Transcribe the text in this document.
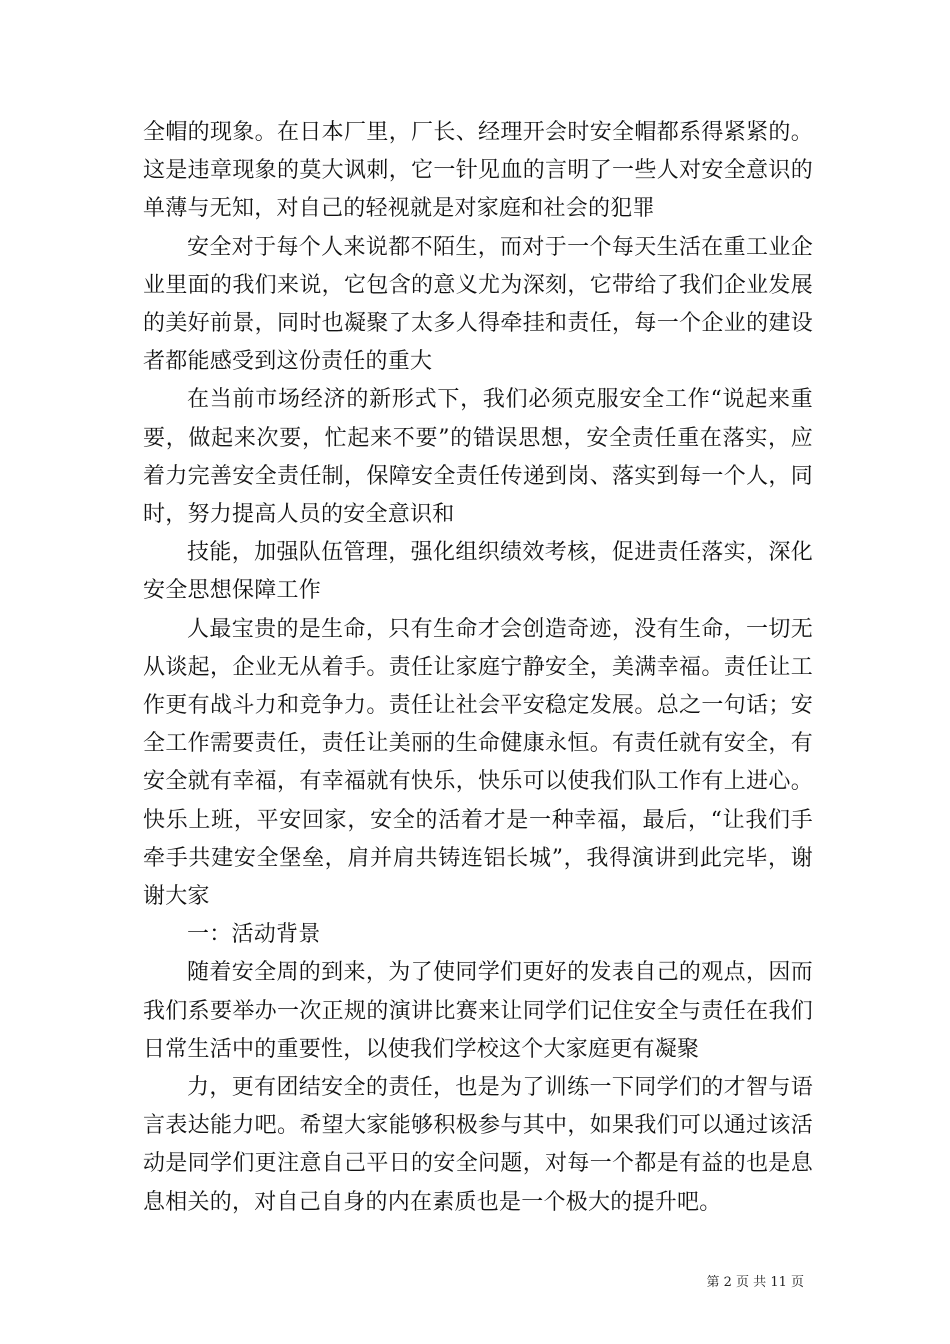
全帽的现象。在日本厂里，厂长、经理开会时安全帽都系得紧紧的。这是违章现象的莫大讽刺，它一针见血的言明了一些人对安全意识的单薄与无知，对自己的轻视就是对家庭和社会的犯罪

安全对于每个人来说都不陌生，而对于一个每天生活在重工业企业里面的我们来说，它包含的意义尤为深刻，它带给了我们企业发展的美好前景，同时也凝聚了太多人得牵挂和责任，每一个企业的建设者都能感受到这份责任的重大

在当前市场经济的新形式下，我们必须克服安全工作“说起来重要，做起来次要，忙起来不要”的错误思想，安全责任重在落实，应着力完善安全责任制，保障安全责任传递到岗、落实到每一个人，同时，努力提高人员的安全意识和

技能，加强队伍管理，强化组织绩效考核，促进责任落实，深化安全思想保障工作

人最宝贵的是生命，只有生命才会创造奇迹，没有生命，一切无从谈起，企业无从着手。责任让家庭宁静安全，美满幸福。责任让工作更有战斗力和竞争力。责任让社会平安稳定发展。总之一句话；安全工作需要责任，责任让美丽的生命健康永恒。有责任就有安全，有安全就有幸福，有幸福就有快乐，快乐可以使我们队工作有上进心。快乐上班，平安回家，安全的活着才是一种幸福，最后，“让我们手牵手共建安全堡垒，肩并肩共铸连铝长城”，我得演讲到此完毕，谢谢大家

一：活动背景

随着安全周的到来，为了使同学们更好的发表自己的观点，因而我们系要举办一次正规的演讲比赛来让同学们记住安全与责任在我们日常生活中的重要性，以使我们学校这个大家庭更有凝聚

力，更有团结安全的责任，也是为了训练一下同学们的才智与语言表达能力吧。希望大家能够积极参与其中，如果我们可以通过该活动是同学们更注意自己平日的安全问题，对每一个都是有益的也是息息相关的，对自己自身的内在素质也是一个极大的提升吧。

第 2 页 共 11 页
